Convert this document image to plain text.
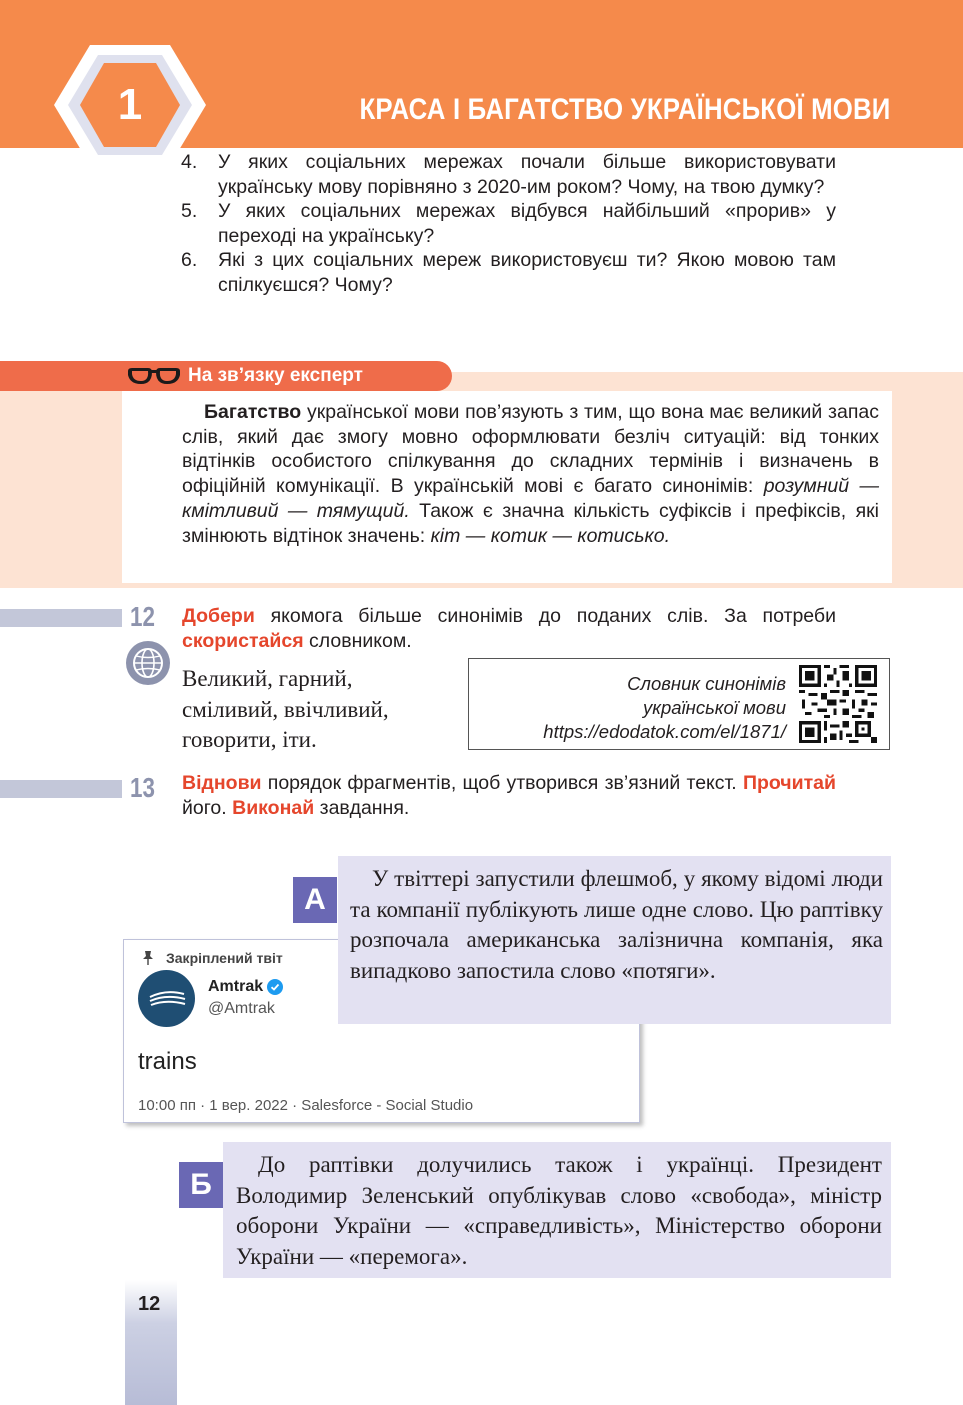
1	КРАСА І БАГАТСТВО УКРАЇНСЬКОЇ МОВИ
4.	У яких соціальних мережах почали більше використовувати українську мову порівняно з 2020-им роком? Чому, на твою думку?
5.	У яких соціальних мережах відбувся найбільший «прорив» у переході на українську?
6.	Які з цих соціальних мереж використовуєш ти? Якою мовою там спілкуєшся? Чому?
На зв’язку експерт
Багатство української мови пов’язують з тим, що вона має великий запас слів, який дає змогу мовно оформлювати безліч ситуацій: від тонких відтінків особистого спілкування до складних термінів і визначень в офіційній комунікації. В українській мові є багато синонімів: розумний — кмітливий — тямущий. Також є значна кількість суфіксів і префіксів, які змінюють відтінок значень: кіт — котик — котисько.
12 Добери якомога більше синонімів до поданих слів. За потреби скористайся словником.
Великий, гарний,
сміливий, ввічливий,
говорити, іти.
Словник синонімів
української мови
https://edodatok.com/el/1871/
13 Віднови порядок фрагментів, щоб утворився зв’язний текст. Прочитай його. Виконай завдання.
Закріплений твіт
Amtrak
@Amtrak
trains
10:00 пп · 1 вер. 2022 · Salesforce - Social Studio
А
У твіттері запустили флешмоб, у якому відомі люди та компанії публікують лише одне слово. Цю раптівку розпочала американська залізнична компанія, яка випадково запостила слово «потяги».
Б
До раптівки долучились також і українці. Президент Володимир Зеленський опублікував слово «свобода», міністр оборони України — «справедливість», Міністерство оборони України — «перемога».
12
